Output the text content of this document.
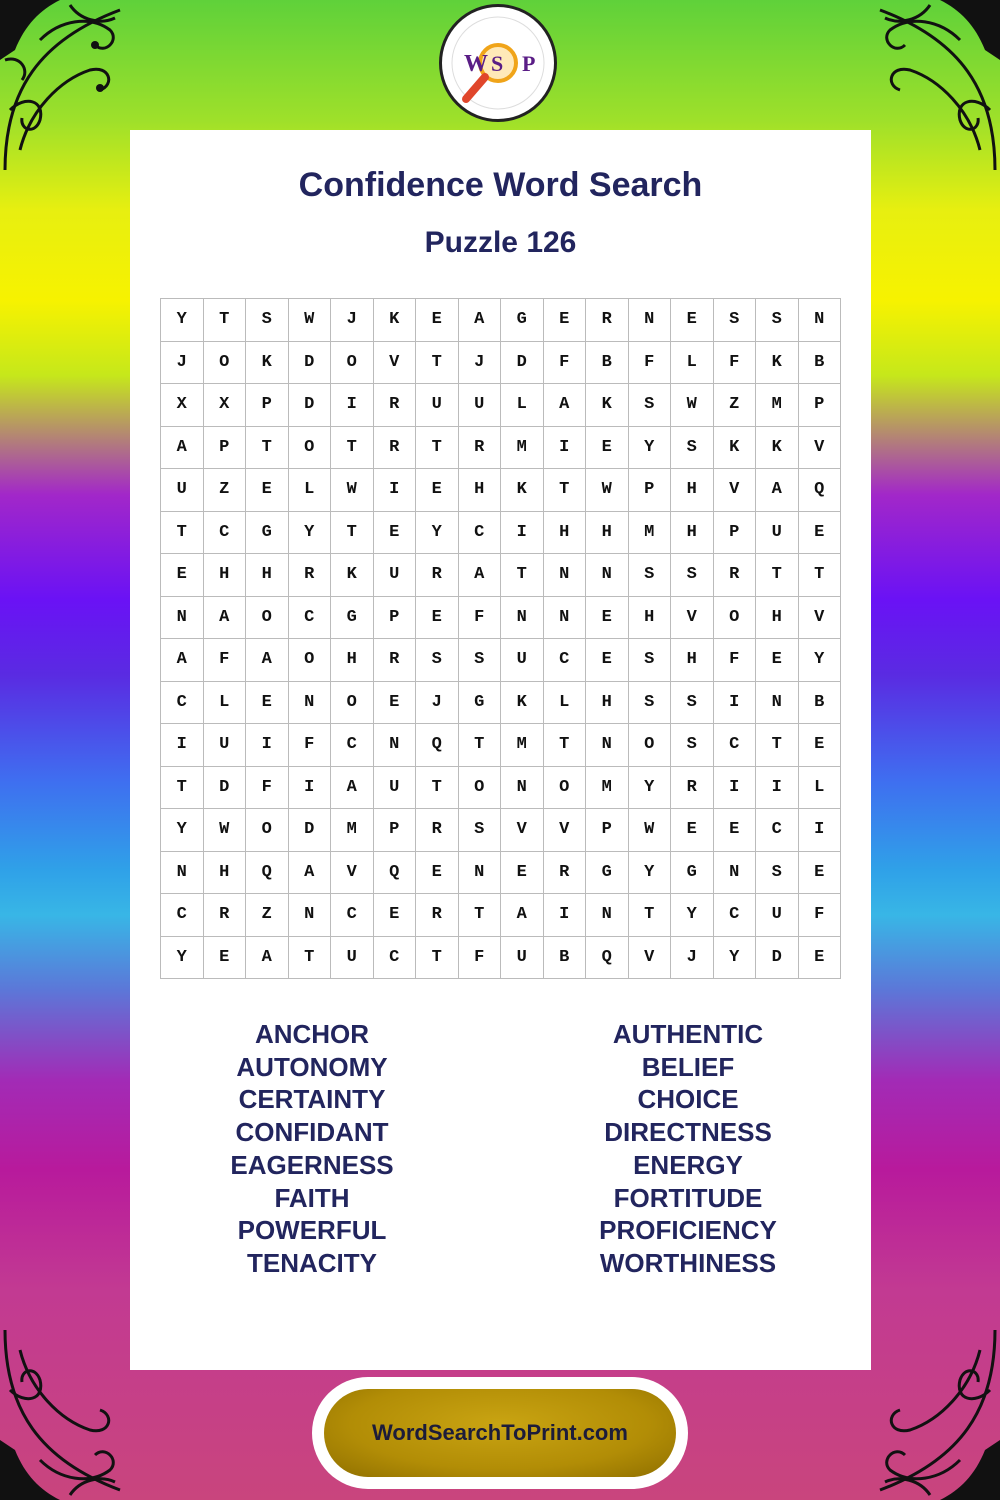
W S P
Confidence Word Search
Puzzle 126
Y	T	S	W	J	K	E	A	G	E	R	N	E	S	S	N
J	O	K	D	O	V	T	J	D	F	B	F	L	F	K	B
X	X	P	D	I	R	U	U	L	A	K	S	W	Z	M	P
A	P	T	O	T	R	T	R	M	I	E	Y	S	K	K	V
U	Z	E	L	W	I	E	H	K	T	W	P	H	V	A	Q
T	C	G	Y	T	E	Y	C	I	H	H	M	H	P	U	E
E	H	H	R	K	U	R	A	T	N	N	S	S	R	T	T
N	A	O	C	G	P	E	F	N	N	E	H	V	O	H	V
A	F	A	O	H	R	S	S	U	C	E	S	H	F	E	Y
C	L	E	N	O	E	J	G	K	L	H	S	S	I	N	B
I	U	I	F	C	N	Q	T	M	T	N	O	S	C	T	E
T	D	F	I	A	U	T	O	N	O	M	Y	R	I	I	L
Y	W	O	D	M	P	R	S	V	V	P	W	E	E	C	I
N	H	Q	A	V	Q	E	N	E	R	G	Y	G	N	S	E
C	R	Z	N	C	E	R	T	A	I	N	T	Y	C	U	F
Y	E	A	T	U	C	T	F	U	B	Q	V	J	Y	D	E
ANCHOR
AUTONOMY
CERTAINTY
CONFIDANT
EAGERNESS
FAITH
POWERFUL
TENACITY
AUTHENTIC
BELIEF
CHOICE
DIRECTNESS
ENERGY
FORTITUDE
PROFICIENCY
WORTHINESS
WordSearchToPrint.com
